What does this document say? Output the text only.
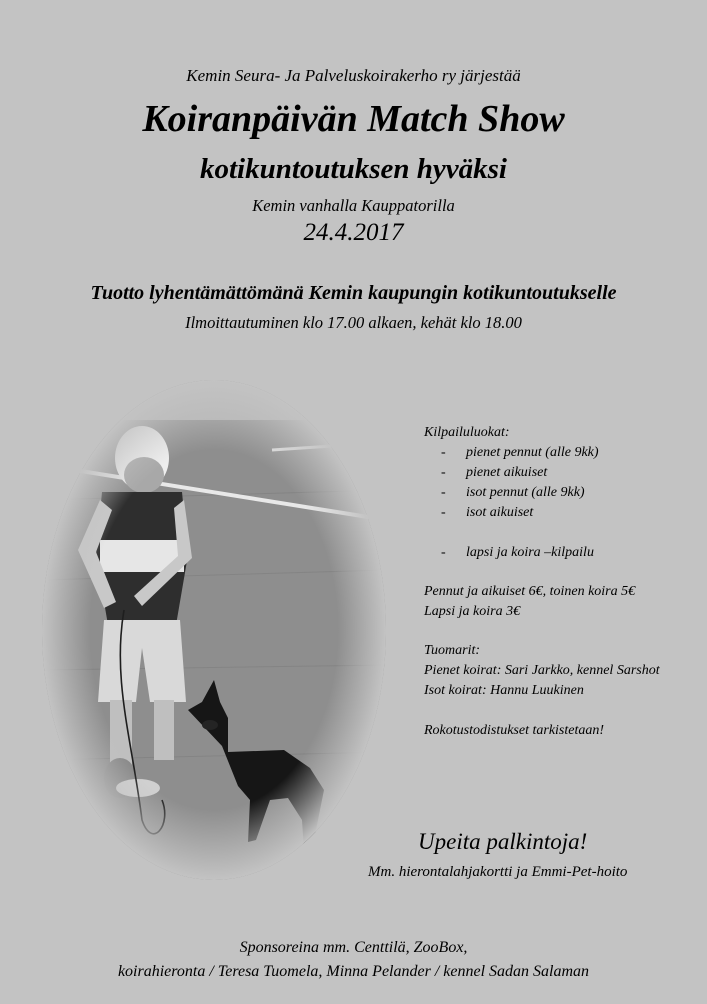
Kemin Seura- Ja Palveluskoirakerho ry järjestää
Koiranpäivän Match Show
kotikuntoutuksen hyväksi
Kemin vanhalla Kauppatorilla
24.4.2017
Tuotto lyhentämättömänä Kemin kaupungin kotikuntoutukselle
Ilmoittautuminen klo 17.00 alkaen, kehät klo 18.00
Kilpailuluokat:
- pienet pennut (alle 9kk)
- pienet aikuiset
- isot pennut (alle 9kk)
- isot aikuiset
- lapsi ja koira –kilpailu
Pennut ja aikuiset 6€, toinen koira 5€
Lapsi ja koira 3€
Tuomarit:
Pienet koirat: Sari Jarkko, kennel Sarshot
Isot koirat: Hannu Luukinen
Rokotustodistukset tarkistetaan!
Upeita palkintoja!
Mm. hierontalahjakortti ja Emmi-Pet-hoito
Sponsoreina mm. Centtilä, ZooBox,
koirahieronta / Teresa Tuomela, Minna Pelander / kennel Sadan Salaman
